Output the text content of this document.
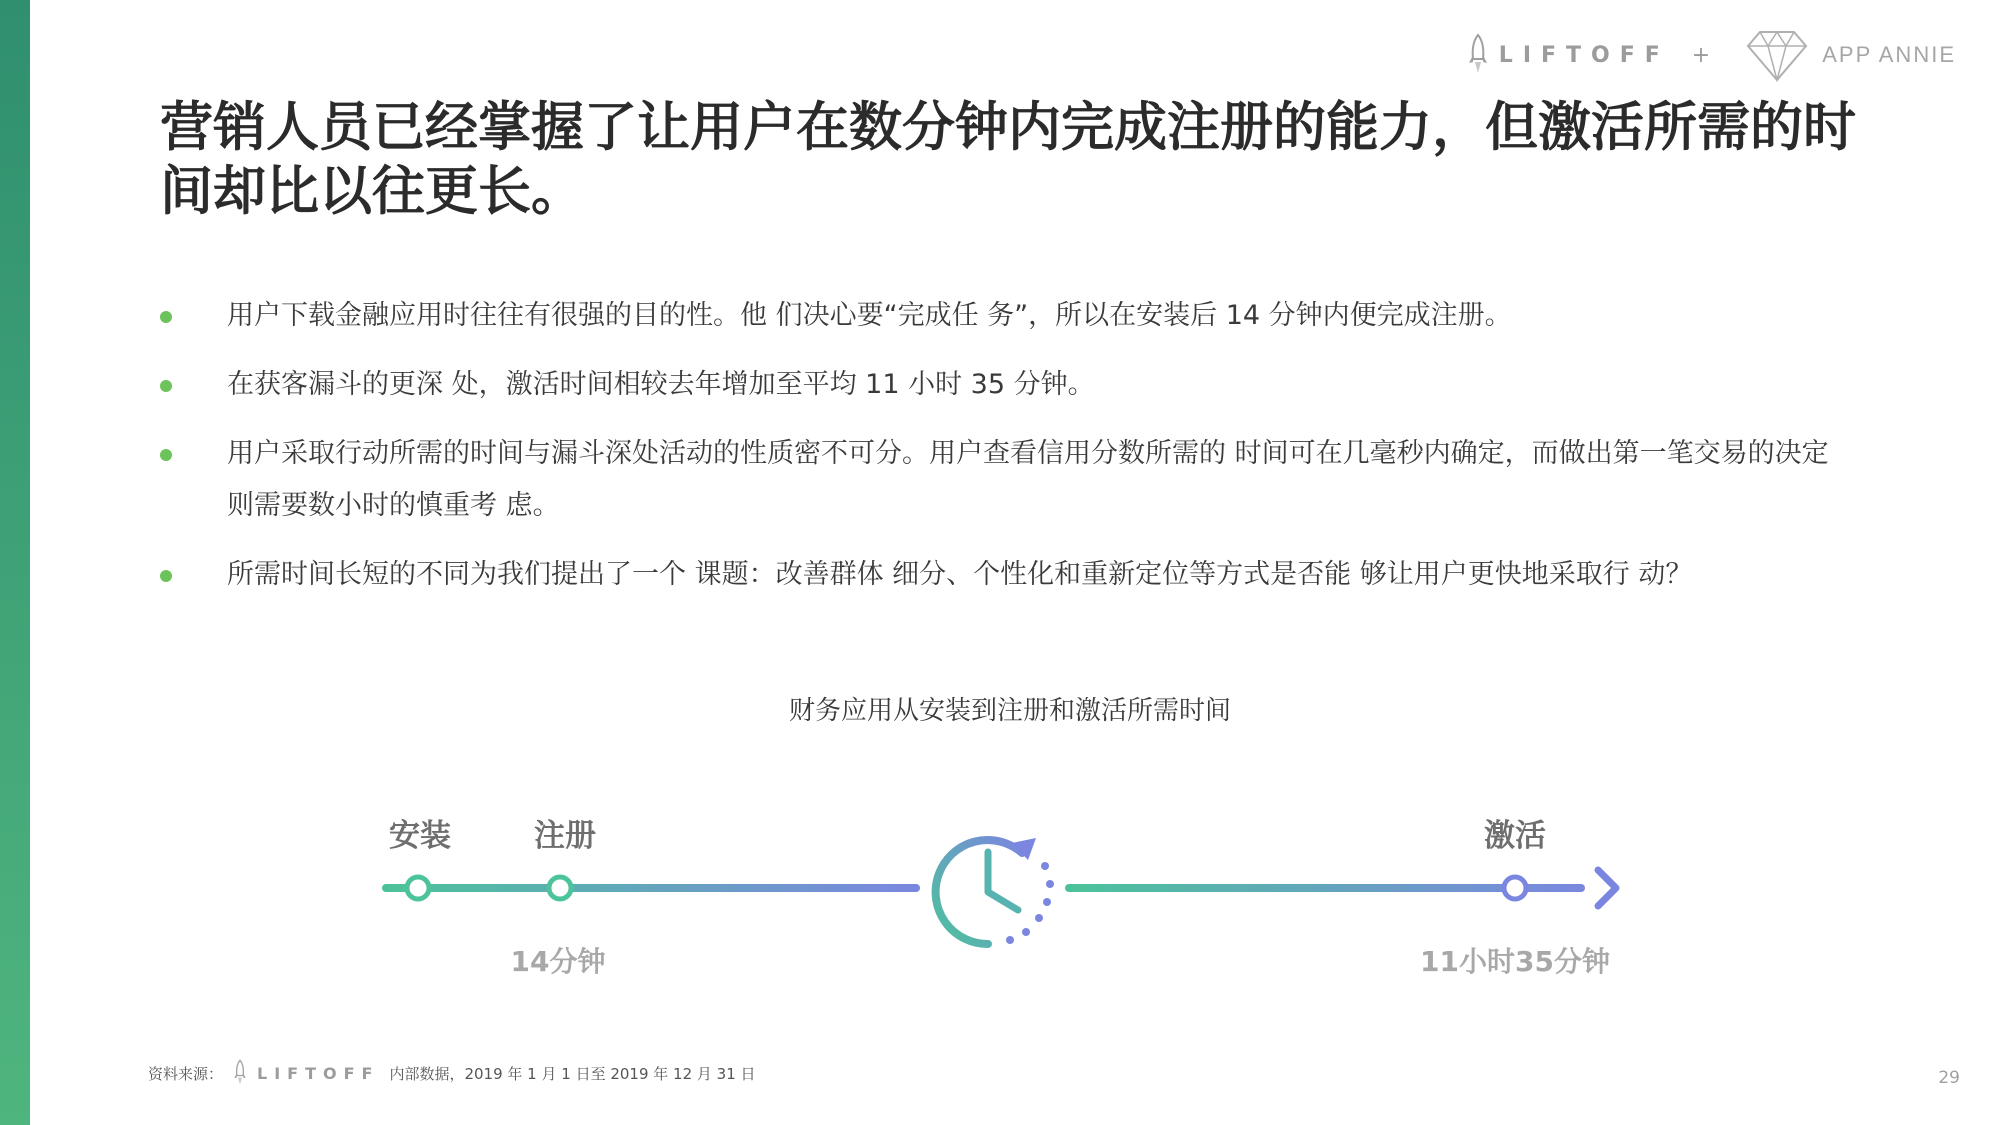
LIFTOFF +	APP ANNIE
营销人员已经掌握了让用户在数分钟内完成注册的能力，但激活所需的时间却比以往更长。
用户下载金融应用时往往有很强的目的性。他 们决心要“完成任 务”，所以在安装后 14 分钟内便完成注册。
在获客漏斗的更深 处，激活时间相较去年增加至平均 11 小时 35 分钟。
用户采取行动所需的时间与漏斗深处活动的性质密不可分。用户查看信用分数所需的 时间可在几毫秒内确定，而做出第一笔交易的决定 则需要数小时的慎重考 虑。
所需时间长短的不同为我们提出了一个 课题：改善群体 细分、个性化和重新定位等方式是否能 够让用户更快地采取行 动？
财务应用从安装到注册和激活所需时间
安装	注册	激活
14分钟	11小时35分钟
资料来源： LIFTOFF 内部数据，2019 年 1 月 1 日至 2019 年 12 月 31 日	29
